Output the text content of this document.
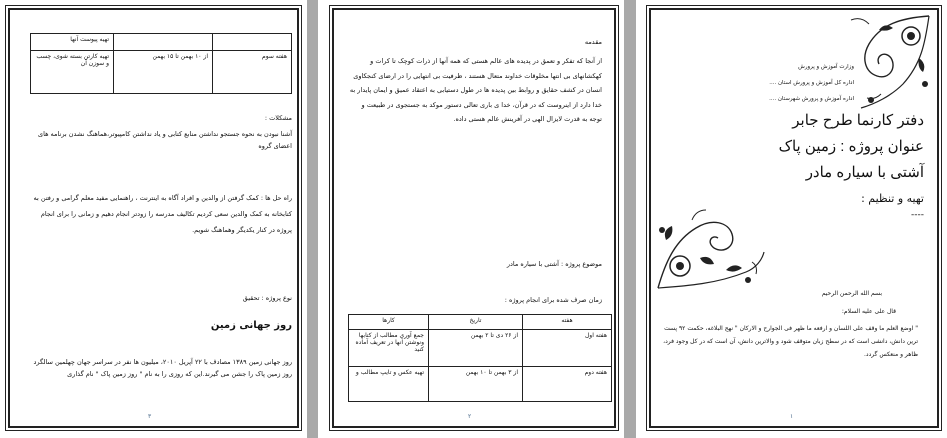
		تهیه پیوست آنها
هفته سوم	از ۱۰ بهمن تا ۱۵ بهمن	تهیه کارتن بسته شوی، چسب و سوزن آن
مشکلات :
آشنا نبودن به نحوه جستجو نداشتن منابع کتابی و یاد نداشتن کامپیوتر،هماهنگ نشدن برنامه های اعضای گروه
راه حل ها : کمک گرفتن از والدین و افراد آگاه به اینترنت ، راهنمایی مفید معلم گرامی و رفتن به کتابخانه به کمک والدین سعی کردیم تکالیف مدرسه را زودتر انجام دهیم و زمانی را برای انجام پروژه در کنار یکدیگر وهماهنگ شویم.
نوع پروژه : تحقیق
روز جهانی زمین
روز جهانی زمین ۱۳۸۹ مصادف با ۲۲ آپریل ۲۰۱۰، میلیون ها نفر در سراسر جهان چهلمین سالگرد روز زمین پاک را جشن می گیرند.این که روزی را به نام " روز زمین پاک " نام گذاری
۳
مقدمه
از آنجا که تفکر و تعمق در پدیده های عالم هستی که همه آنها از ذرات کوچک تا کرات و کهکشانهای بی انتها مخلوقات خداوند متعال هستند ، ظرفیت بی انتهایی را در ارضای کنجکاوی انسان در کشف حقایق و روابط بین پدیده ها در طول دستیابی به اعتقاد عمیق و ایمان پایدار به خدا دارد از اینروست که در قرآن، خدا ی باری تعالی دستور موکد به جستجوی در طبیعت و توجه به قدرت لایزال الهی در آفرینش عالم هستی داده.
موضوع پروژه : آشتی با سیاره مادر
زمان صرف شده برای انجام پروژه :
هفته	تاریخ	کارها
هفته اول	از ۲۶ دی تا ۲ بهمن	جمع آوری مطالب از کتابها ونوشتن آنها در تعریف آماده کنید
هفته دوم	از ۳ بهمن تا ۱۰ بهمن	تهیه عکس و تایپ مطالب و
۲
وزارت آموزش و پرورش
اداره کل آموزش و پرورش استان ....
اداره آموزش و پرورش شهرستان ....
دفتر کارنما طرح جابر
عنوان پروژه : زمین پاک
آشتی با سیاره مادر
تهیه و تنظیم :
----
بسم الله الرحمن الرحیم
قال علی علیه السلام:
" اوضع العلم ما وقف علی اللسان و ارفعه ما ظهر فی الجوارح و الارکان " نهج البلاغه، حکمت ۹۲ پست ترین دانش، دانشی است که در سطح زبان متوقف شود و والاترین دانش، آن است که در کل وجود فرد، ظاهر و منعکس گردد.
۱
